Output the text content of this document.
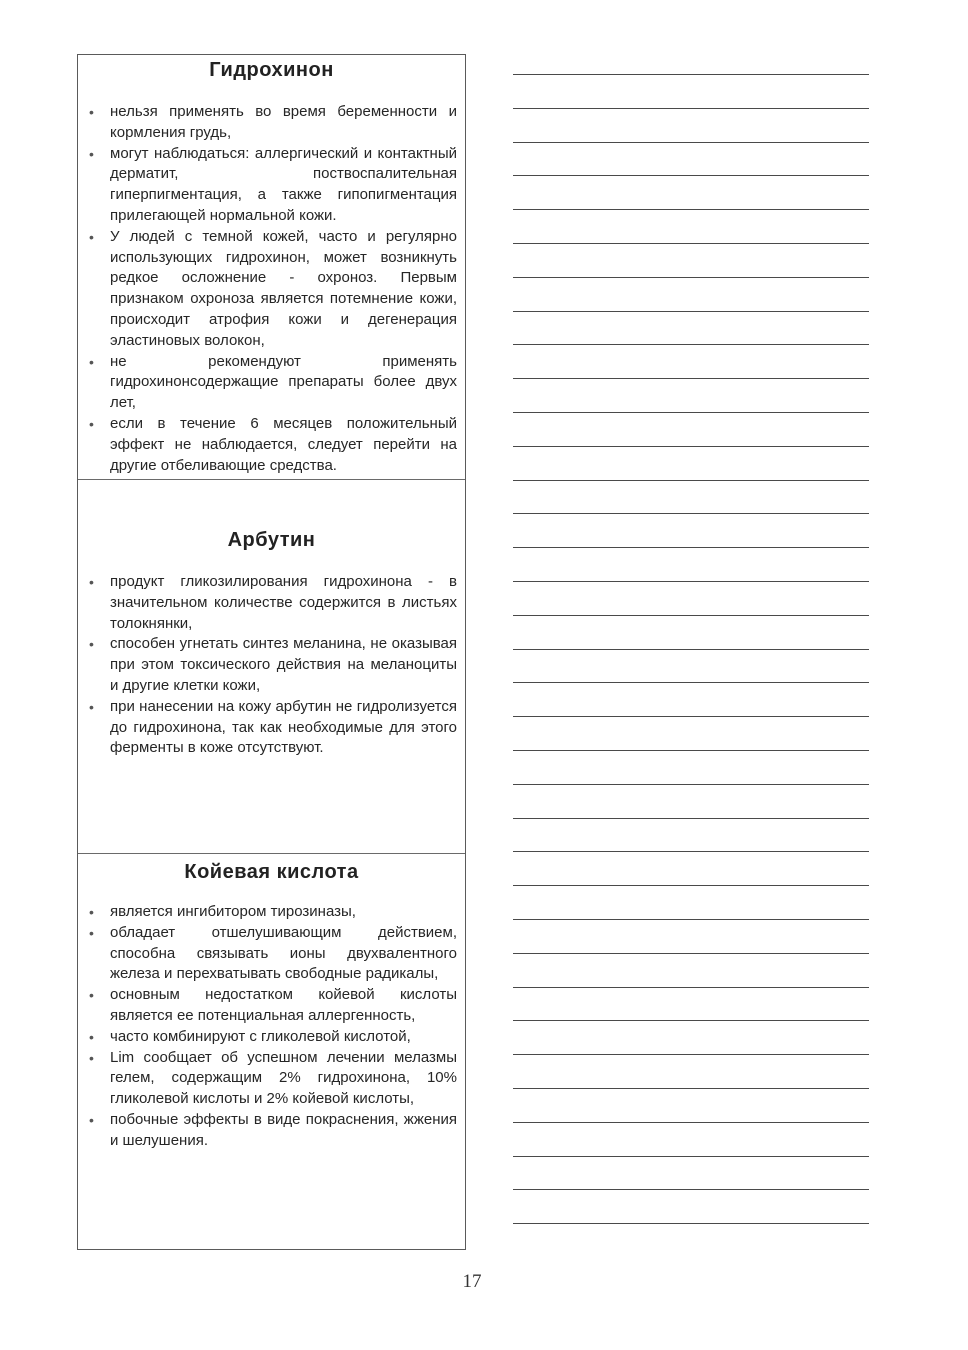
Гидрохинон
• нельзя применять во время беременности и кормления грудь,
• могут наблюдаться: аллергический и контактный дерматит, поствоспалительная гиперпигментация, а также гипопигментация прилегающей нормальной кожи.
• У людей с темной кожей, часто и регулярно использующих гидрохинон, может возникнуть редкое осложнение - охроноз. Первым признаком охроноза является потемнение кожи, происходит атрофия кожи и дегенерация эластиновых волокон,
• не рекомендуют применять гидрохинонсодержащие препараты более двух лет,
• если в течение 6 месяцев положительный эффект не наблюдается, следует перейти на другие отбеливающие средства.
Арбутин
• продукт гликозилирования гидрохинона - в значительном количестве содержится в листьях толокнянки,
• способен угнетать синтез меланина, не оказывая при этом токсического действия на меланоциты и другие клетки кожи,
• при нанесении на кожу арбутин не гидролизуется до гидрохинона, так как необходимые для этого ферменты в коже отсутствуют.
Койевая кислота
• является ингибитором тирозиназы,
• обладает отшелушивающим действием, способна связывать ионы двухвалентного железа и перехватывать свободные радикалы,
• основным недостатком койевой кислоты является ее потенциальная аллергенность,
• часто комбинируют с гликолевой кислотой,
• Lim сообщает об успешном лечении мелазмы гелем, содержащим 2% гидрохинона, 10% гликолевой кислоты и 2% койевой кислоты,
• побочные эффекты в виде покраснения, жжения и шелушения.
17
